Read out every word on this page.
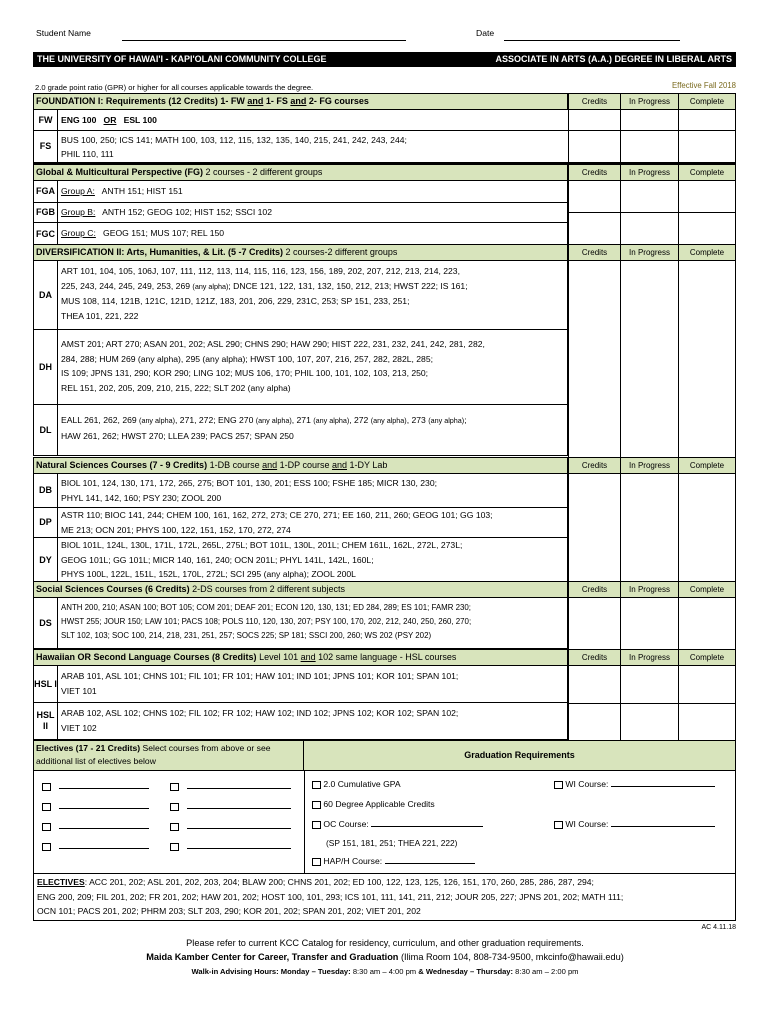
Student Name	Date
THE UNIVERSITY OF HAWAI'I - KAPI'OLANI COMMUNITY COLLEGE	ASSOCIATE IN ARTS (A.A.) DEGREE IN LIBERAL ARTS
2.0 grade point ratio (GPR) or higher for all courses applicable towards the degree.	Effective Fall 2018
FOUNDATION I: Requirements (12 Credits) 1- FW and 1- FS and 2- FG courses	Credits	In Progress	Complete
FW ENG 100 OR ESL 100
FS
BUS 100, 250; ICS 141; MATH 100, 103, 112, 115, 132, 135, 140, 215, 241, 242, 243, 244;
PHIL 110, 111
Global & Multicultural Perspective (FG) 2 courses - 2 different groups	Credits	In Progress	Complete
FGA Group A: ANTH 151; HIST 151
FGB Group B: ANTH 152; GEOG 102; HIST 152; SSCI 102
FGC Group C: GEOG 151; MUS 107; REL 150
DIVERSIFICATION II: Arts, Humanities, & Lit. (5 -7 Credits) 2 courses-2 different groups	Credits	In Progress	Complete
DA
ART 101, 104, 105, 106J, 107, 111, 112, 113, 114, 115, 116, 123, 156, 189, 202, 207, 212, 213, 214, 223,
225, 243, 244, 245, 249, 253, 269 (any alpha); DNCE 121, 122, 131, 132, 150, 212, 213; HWST 222; IS 161;
MUS 108, 114, 121B, 121C, 121D, 121Z, 183, 201, 206, 229, 231C, 253; SP 151, 233, 251;
THEA 101, 221, 222
DH
AMST 201; ART 270; ASAN 201, 202; ASL 290; CHNS 290; HAW 290; HIST 222, 231, 232, 241, 242, 281, 282,
284, 288; HUM 269 (any alpha), 295 (any alpha); HWST 100, 107, 207, 216, 257, 282, 282L, 285;
IS 109; JPNS 131, 290; KOR 290; LING 102; MUS 106, 170; PHIL 100, 101, 102, 103, 213, 250;
REL 151, 202, 205, 209, 210, 215, 222; SLT 202 (any alpha)
DL
EALL 261, 262, 269 (any alpha), 271, 272; ENG 270 (any alpha), 271 (any alpha), 272 (any alpha), 273 (any alpha);
HAW 261, 262; HWST 270; LLEA 239; PACS 257; SPAN 250
Natural Sciences Courses (7 - 9 Credits) 1-DB course and 1-DP course and 1-DY Lab	Credits	In Progress	Complete
DB
BIOL 101, 124, 130, 171, 172, 265, 275; BOT 101, 130, 201; ESS 100; FSHE 185; MICR 130, 230;
PHYL 141, 142, 160; PSY 230; ZOOL 200
DP
ASTR 110; BIOC 141, 244; CHEM 100, 161, 162, 272, 273; CE 270, 271; EE 160, 211, 260; GEOG 101; GG 103;
ME 213; OCN 201; PHYS 100, 122, 151, 152, 170, 272, 274
DY
BIOL 101L, 124L, 130L, 171L, 172L, 265L, 275L; BOT 101L, 130L, 201L; CHEM 161L, 162L, 272L, 273L;
GEOG 101L; GG 101L; MICR 140, 161, 240; OCN 201L; PHYL 141L, 142L, 160L;
PHYS 100L, 122L, 151L, 152L, 170L, 272L; SCI 295 (any alpha); ZOOL 200L
Social Sciences Courses (6 Credits) 2-DS courses from 2 different subjects	Credits	In Progress	Complete
DS
ANTH 200, 210; ASAN 100; BOT 105; COM 201; DEAF 201; ECON 120, 130, 131; ED 284, 289; ES 101; FAMR 230;
HWST 255; JOUR 150; LAW 101; PACS 108; POLS 110, 120, 130, 207; PSY 100, 170, 202, 212, 240, 250, 260, 270;
SLT 102, 103; SOC 100, 214, 218, 231, 251, 257; SOCS 225; SP 181; SSCI 200, 260; WS 202 (PSY 202)
Hawaiian OR Second Language Courses (8 Credits) Level 101 and 102 same language - HSL courses	Credits	In Progress	Complete
HSL I
ARAB 101, ASL 101; CHNS 101; FIL 101; FR 101; HAW 101; IND 101; JPNS 101; KOR 101; SPAN 101;
VIET 101
HSL II
ARAB 102, ASL 102; CHNS 102; FIL 102; FR 102; HAW 102; IND 102; JPNS 102; KOR 102; SPAN 102;
VIET 102
Electives (17 - 21 Credits) Select courses from above or see additional list of electives below
Graduation Requirements
2.0 Cumulative GPA	WI Course:
60 Degree Applicable Credits
OC Course:	WI Course:
(SP 151, 181, 251; THEA 221, 222)
HAP/H Course:
ELECTIVES: ACC 201, 202; ASL 201, 202, 203, 204; BLAW 200; CHNS 201, 202; ED 100, 122, 123, 125, 126, 151, 170, 260, 285, 286, 287, 294;
ENG 200, 209; FIL 201, 202; FR 201, 202; HAW 201, 202; HOST 100, 101, 293; ICS 101, 111, 141, 211, 212; JOUR 205, 227; JPNS 201, 202; MATH 111;
OCN 101; PACS 201, 202; PHRM 203; SLT 203, 290; KOR 201, 202; SPAN 201, 202; VIET 201, 202
AC 4.11.18
Please refer to current KCC Catalog for residency, curriculum, and other graduation requirements.
Maida Kamber Center for Career, Transfer and Graduation (Ilima Room 104, 808-734-9500, mkcinfo@hawaii.edu)
Walk-in Advising Hours: Monday – Tuesday: 8:30 am – 4:00 pm & Wednesday – Thursday: 8:30 am – 2:00 pm
